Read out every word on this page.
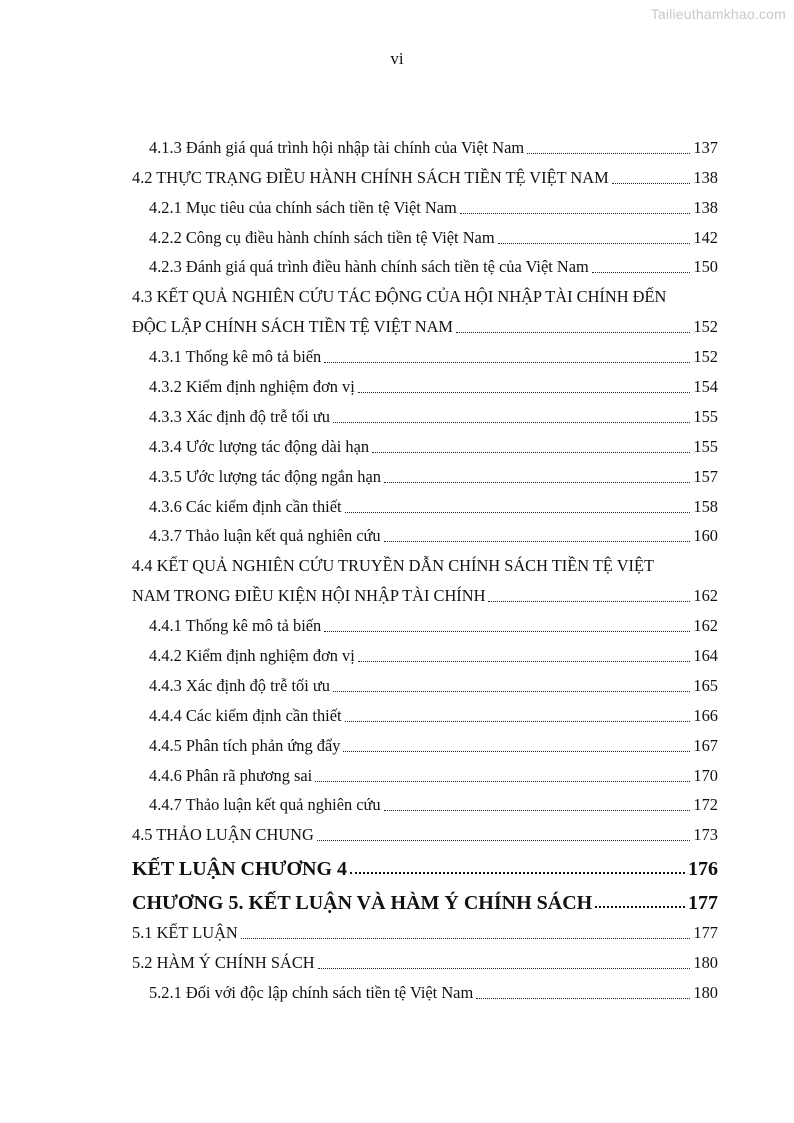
Tailieuthamkhao.com
vi
4.1.3 Đánh giá quá trình hội nhập tài chính của Việt Nam	137
4.2 THỰC TRẠNG ĐIỀU HÀNH CHÍNH SÁCH TIỀN TỆ VIỆT NAM	138
4.2.1 Mục tiêu của chính sách tiền tệ Việt Nam	138
4.2.2 Công cụ điều hành chính sách tiền tệ Việt Nam	142
4.2.3 Đánh giá quá trình điều hành chính sách tiền tệ của Việt Nam	150
4.3 KẾT QUẢ NGHIÊN CỨU TÁC ĐỘNG CỦA HỘI NHẬP TÀI CHÍNH ĐẾN
ĐỘC LẬP CHÍNH SÁCH TIỀN TỆ VIỆT NAM	152
4.3.1 Thống kê mô tả biến	152
4.3.2 Kiểm định nghiệm đơn vị	154
4.3.3 Xác định độ trễ tối ưu	155
4.3.4 Ước lượng tác động dài hạn	155
4.3.5 Ước lượng tác động ngắn hạn	157
4.3.6 Các kiểm định cần thiết	158
4.3.7 Thảo luận kết quả nghiên cứu	160
4.4 KẾT QUẢ NGHIÊN CỨU TRUYỀN DẪN CHÍNH SÁCH TIỀN TỆ VIỆT
NAM TRONG ĐIỀU KIỆN HỘI NHẬP TÀI CHÍNH	162
4.4.1 Thống kê mô tả biến	162
4.4.2 Kiểm định nghiệm đơn vị	164
4.4.3 Xác định độ trễ tối ưu	165
4.4.4 Các kiểm định cần thiết	166
4.4.5 Phân tích phản ứng đẩy	167
4.4.6 Phân rã phương sai	170
4.4.7 Thảo luận kết quả nghiên cứu	172
4.5 THẢO LUẬN CHUNG	173
KẾT LUẬN CHƯƠNG 4	176
CHƯƠNG 5. KẾT LUẬN VÀ HÀM Ý CHÍNH SÁCH	177
5.1 KẾT LUẬN	177
5.2 HÀM Ý CHÍNH SÁCH	180
5.2.1 Đối với độc lập chính sách tiền tệ Việt Nam	180
